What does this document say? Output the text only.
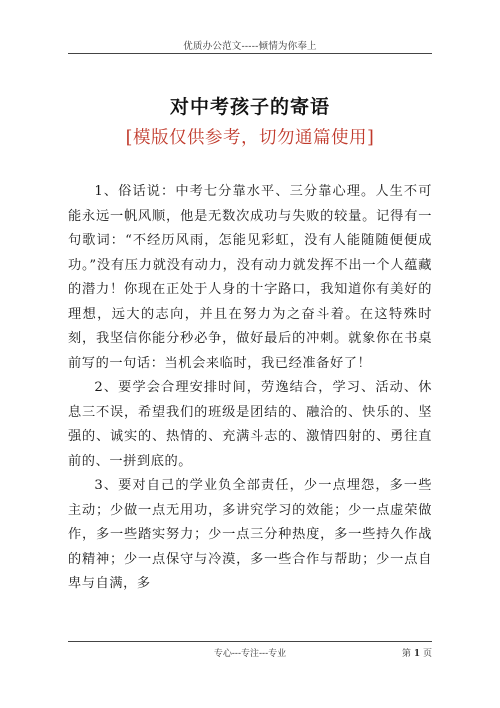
优质办公范文-----倾情为你奉上
对中考孩子的寄语
[模版仅供参考，切勿通篇使用]

1、俗话说：中考七分靠水平、三分靠心理。人生不可能永远一帆风顺，他是无数次成功与失败的较量。记得有一句歌词：“不经历风雨，怎能见彩虹，没有人能随随便便成功。”没有压力就没有动力，没有动力就发挥不出一个人蕴藏的潜力！你现在正处于人身的十字路口，我知道你有美好的理想，远大的志向，并且在努力为之奋斗着。在这特殊时刻，我坚信你能分秒必争，做好最后的冲刺。就象你在书桌前写的一句话：当机会来临时，我已经准备好了！

2、要学会合理安排时间，劳逸结合，学习、活动、休息三不误，希望我们的班级是团结的、融洽的、快乐的、坚强的、诚实的、热情的、充满斗志的、激情四射的、勇往直前的、一拼到底的。

3、要对自己的学业负全部责任，少一点埋怨，多一些主动；少做一点无用功，多讲究学习的效能；少一点虚荣做作，多一些踏实努力；少一点三分种热度，多一些持久作战的精神；少一点保守与冷漠，多一些合作与帮助；少一点自卑与自满，多

专心---专注---专业	第 1 页
